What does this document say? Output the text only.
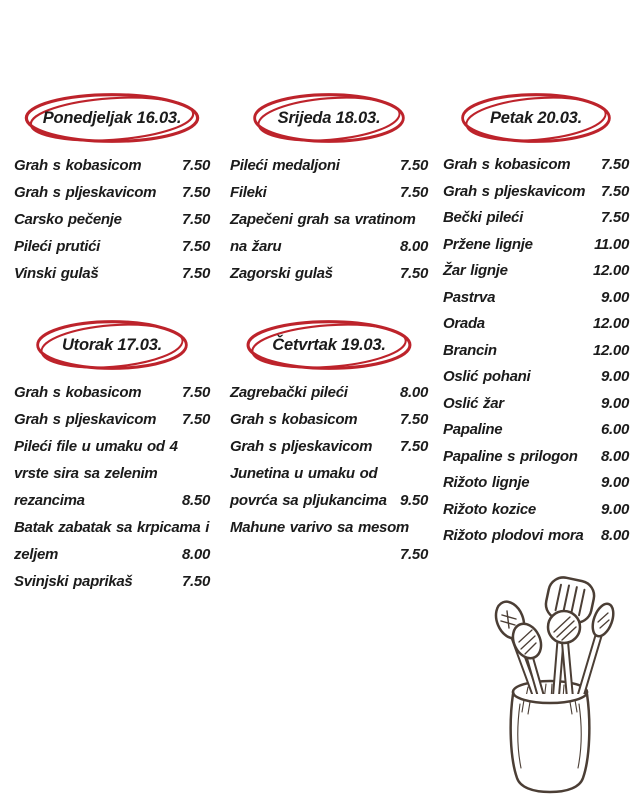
Ponedjeljak 16.03.
Grah s kobasicom	7.50
Grah s pljeskavicom 7.50
Carsko pečenje	7.50
Pileći prutići	7.50
Vinski gulaš	7.50
Utorak 17.03.
Grah s kobasicom	7.50
Grah s pljeskavicom 7.50
Pileći file u umaku od 4 vrste sira sa zelenim rezancima	8.50
Batak zabatak sa krpicama i zeljem	8.00
Svinjski paprikaš	7.50
Srijeda 18.03.
Pileći medaljoni	7.50
Fileki	7.50
Zapečeni grah sa vratinom na žaru	8.00
Zagorski gulaš	7.50
Četvrtak 19.03.
Zagrebački pileći	8.00
Grah s kobasicom	7.50
Grah s pljeskavicom 7.50
Junetina u umaku od povrća sa pljukancima 9.50
Mahune varivo sa mesom
7.50
Petak 20.03.
Grah s kobasicom 7.50
Grah s pljeskavicom 7.50
Bečki pileći	7.50
Pržene lignje	11.00
Žar lignje	12.00
Pastrva	9.00
Orada	12.00
Brancin	12.00
Oslić pohani	9.00
Oslić žar	9.00
Papaline	6.00
Papaline s prilogon 8.00
Rižoto lignje	9.00
Rižoto kozice	9.00
Rižoto plodovi mora 8.00
